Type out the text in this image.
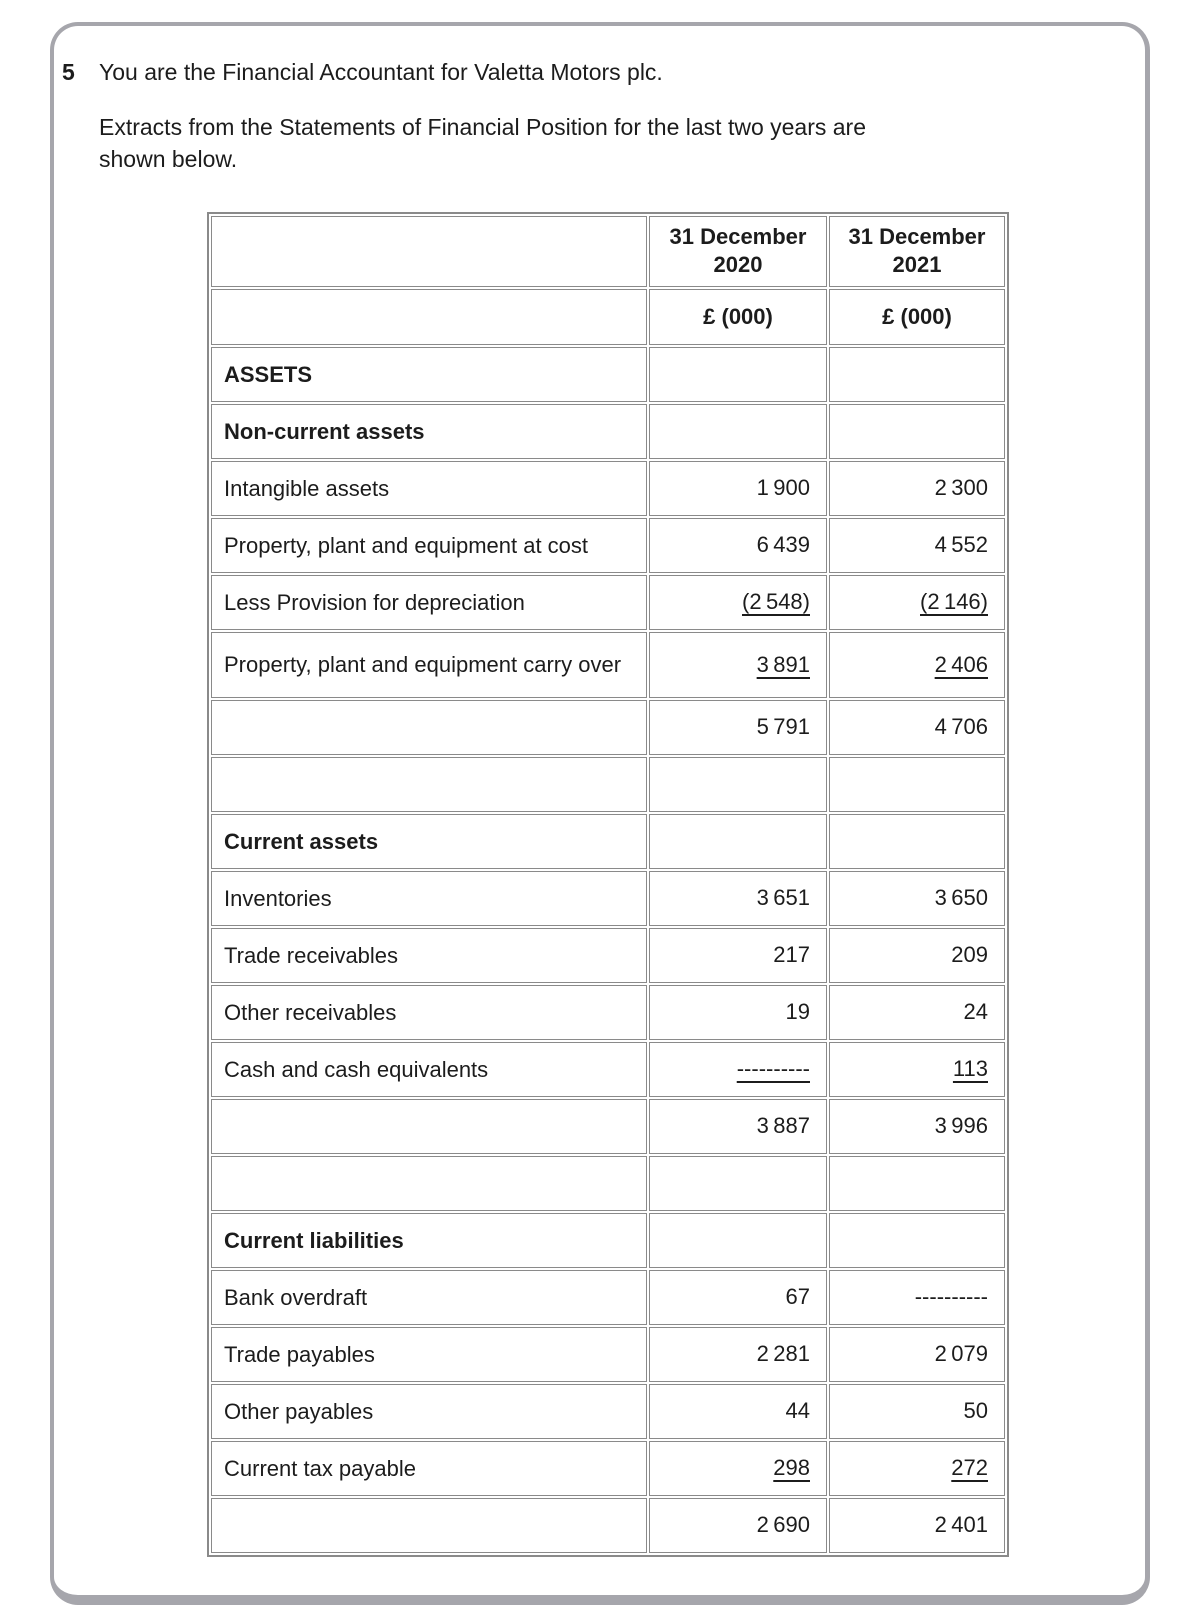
5	You are the Financial Accountant for Valetta Motors plc.
Extracts from the Statements of Financial Position for the last two years are shown below.
	31 December 2020	31 December 2021
	£ (000)	£ (000)
ASSETS		
Non-current assets		
Intangible assets	1 900	2 300
Property, plant and equipment at cost	6 439	4 552
Less Provision for depreciation	(2 548)	(2 146)
Property, plant and equipment carry over	3 891	2 406
	5 791	4 706

Current assets		
Inventories	3 651	3 650
Trade receivables	217	209
Other receivables	19	24
Cash and cash equivalents	----------	113
	3 887	3 996

Current liabilities		
Bank overdraft	67	----------
Trade payables	2 281	2 079
Other payables	44	50
Current tax payable	298	272
	2 690	2 401
